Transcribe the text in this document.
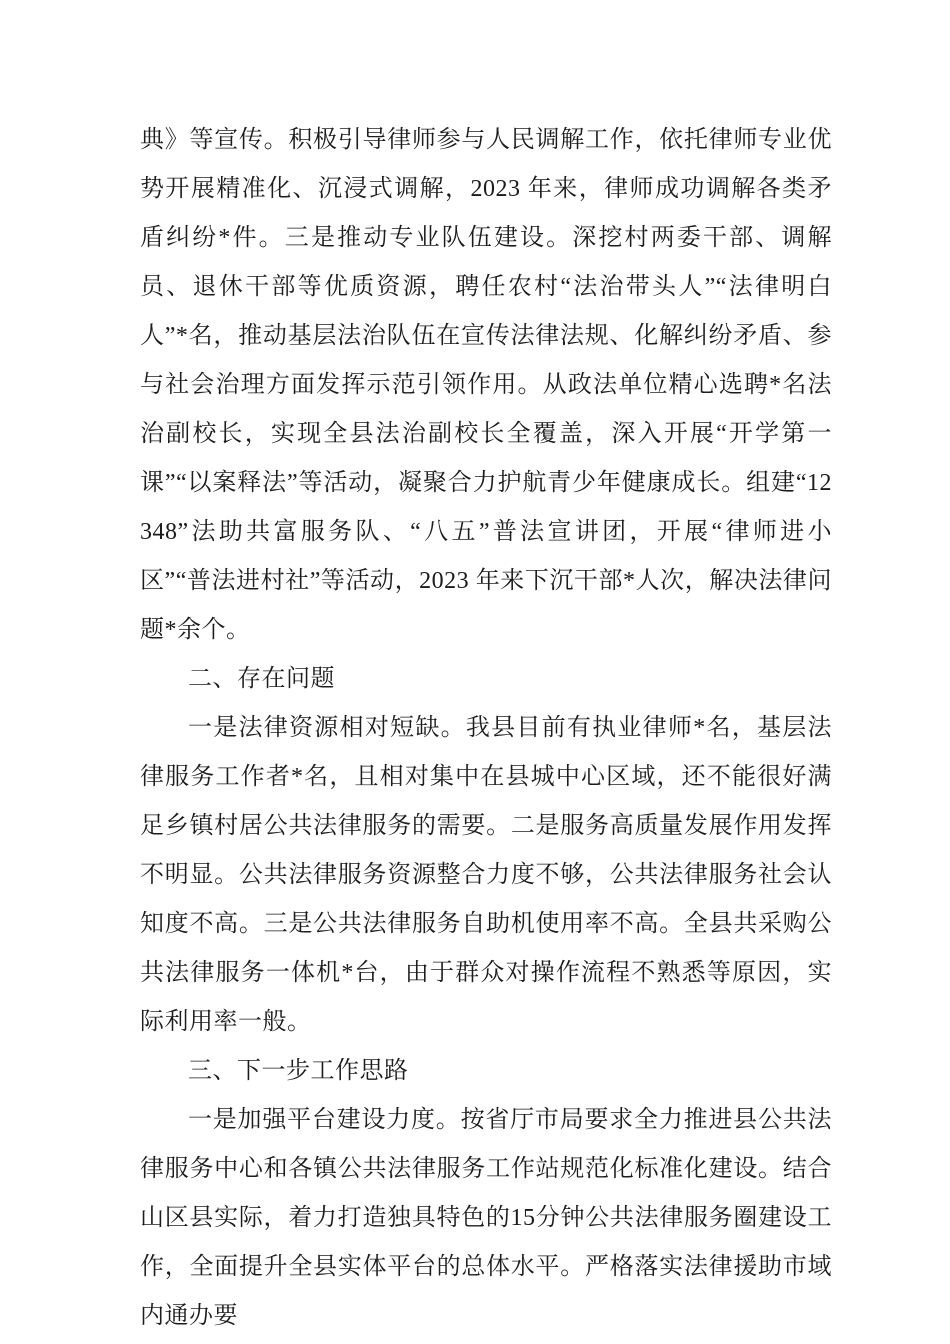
典》等宣传。积极引导律师参与人民调解工作，依托律师专业优势开展精准化、沉浸式调解，2023 年来，律师成功调解各类矛盾纠纷*件。三是推动专业队伍建设。深挖村两委干部、调解员、退休干部等优质资源，聘任农村“法治带头人”“法律明白人”*名，推动基层法治队伍在宣传法律法规、化解纠纷矛盾、参与社会治理方面发挥示范引领作用。从政法单位精心选聘*名法治副校长，实现全县法治副校长全覆盖，深入开展“开学第一课”“以案释法”等活动，凝聚合力护航青少年健康成长。组建“12348”法助共富服务队、“八五”普法宣讲团，开展“律师进小区”“普法进村社”等活动，2023 年来下沉干部*人次，解决法律问题*余个。

二、存在问题

一是法律资源相对短缺。我县目前有执业律师*名，基层法律服务工作者*名，且相对集中在县城中心区域，还不能很好满足乡镇村居公共法律服务的需要。二是服务高质量发展作用发挥不明显。公共法律服务资源整合力度不够，公共法律服务社会认知度不高。三是公共法律服务自助机使用率不高。全县共采购公共法律服务一体机*台，由于群众对操作流程不熟悉等原因，实际利用率一般。

三、下一步工作思路

一是加强平台建设力度。按省厅市局要求全力推进县公共法律服务中心和各镇公共法律服务工作站规范化标准化建设。结合山区县实际，着力打造独具特色的15分钟公共法律服务圈建设工作，全面提升全县实体平台的总体水平。严格落实法律援助市域内通办要
